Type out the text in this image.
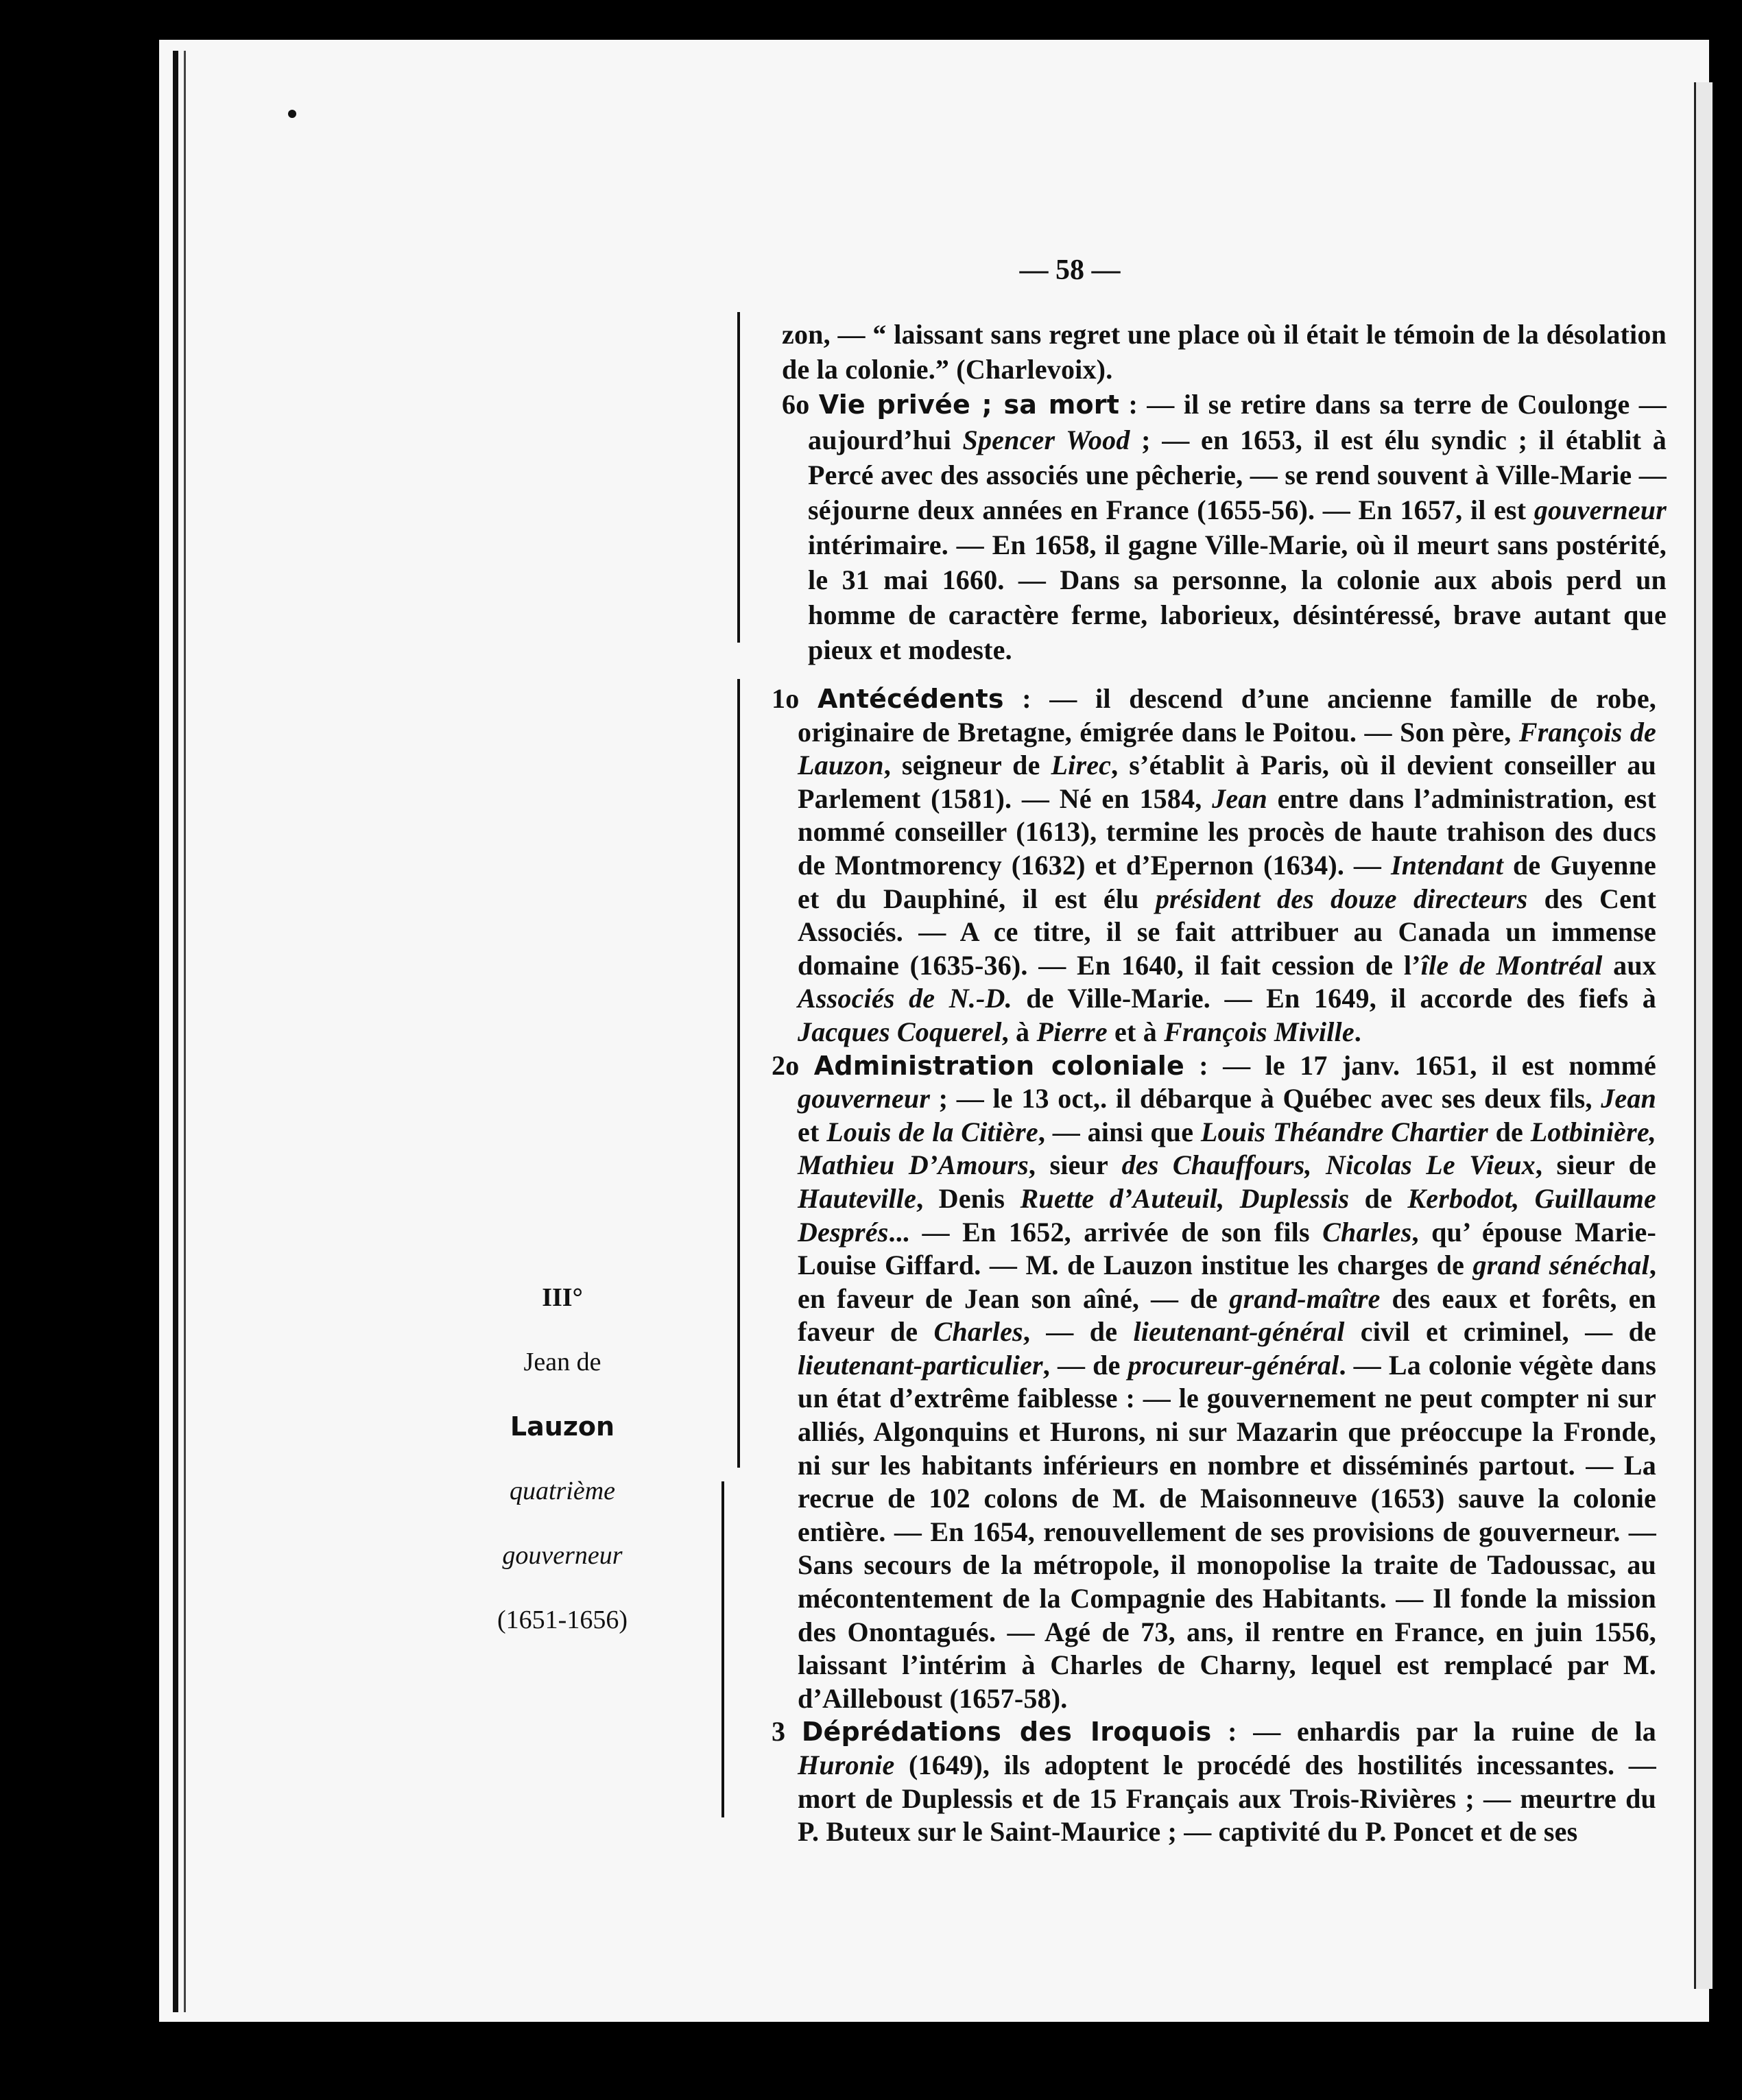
— 58 —

zon, — “ laissant sans regret une place où il était le témoin de la désolation de la colonie.” (Charlevoix).

6o Vie privée ; sa mort : — il se retire dans sa terre de Coulonge — aujourd’hui Spencer Wood ; — en 1653, il est élu syndic ; il établit à Percé avec des associés une pêcherie, — se rend souvent à Ville-Marie — séjourne deux années en France (1655-56). — En 1657, il est gouverneur intérimaire. — En 1658, il gagne Ville-Marie, où il meurt sans postérité, le 31 mai 1660. — Dans sa personne, la colonie aux abois perd un homme de caractère ferme, laborieux, désintéressé, brave autant que pieux et modeste.

III°
Jean de
Lauzon
quatrième
gouverneur
(1651-1656)

1o Antécédents : — il descend d’une ancienne famille de robe, originaire de Bretagne, émigrée dans le Poitou. — Son père, François de Lauzon, seigneur de Lirec, s’établit à Paris, où il devient conseiller au Parlement (1581). — Né en 1584, Jean entre dans l’administration, est nommé conseiller (1613), termine les procès de haute trahison des ducs de Montmorency (1632) et d’Epernon (1634). — Intendant de Guyenne et du Dauphiné, il est élu président des douze directeurs des Cent Associés. — A ce titre, il se fait attribuer au Canada un immense domaine (1635-36). — En 1640, il fait cession de l’île de Montréal aux Associés de N.-D. de Ville-Marie. — En 1649, il accorde des fiefs à Jacques Coquerel, à Pierre et à François Miville.

2o Administration coloniale : — le 17 janv. 1651, il est nommé gouverneur ; — le 13 oct,. il débarque à Québec avec ses deux fils, Jean et Louis de la Citière, — ainsi que Louis Théandre Chartier de Lotbinière, Mathieu D’Amours, sieur des Chauffours, Nicolas Le Vieux, sieur de Hauteville, Denis Ruette d’Auteuil, Duplessis de Kerbodot, Guillaume Després... — En 1652, arrivée de son fils Charles, qu’ épouse Marie-Louise Giffard. — M. de Lauzon institue les charges de grand sénéchal, en faveur de Jean son aîné, — de grand-maître des eaux et forêts, en faveur de Charles, — de lieutenant-général civil et criminel, — de lieutenant-particulier, — de procureur-général. — La colonie végète dans un état d’extrême faiblesse : — le gouvernement ne peut compter ni sur alliés, Algonquins et Hurons, ni sur Mazarin que préoccupe la Fronde, ni sur les habitants inférieurs en nombre et disséminés partout. — La recrue de 102 colons de M. de Maisonneuve (1653) sauve la colonie entière. — En 1654, renouvellement de ses provisions de gouverneur. — Sans secours de la métropole, il monopolise la traite de Tadoussac, au mécontentement de la Compagnie des Habitants. — Il fonde la mission des Onontagués. — Agé de 73, ans, il rentre en France, en juin 1556, laissant l’intérim à Charles de Charny, lequel est remplacé par M. d’Ailleboust (1657-58).

3 Déprédations des Iroquois : — enhardis par la ruine de la Huronie (1649), ils adoptent le procédé des hostilités incessantes. — mort de Duplessis et de 15 Français aux Trois-Rivières ; — meurtre du P. Buteux sur le Saint-Maurice ; — captivité du P. Poncet et de ses
